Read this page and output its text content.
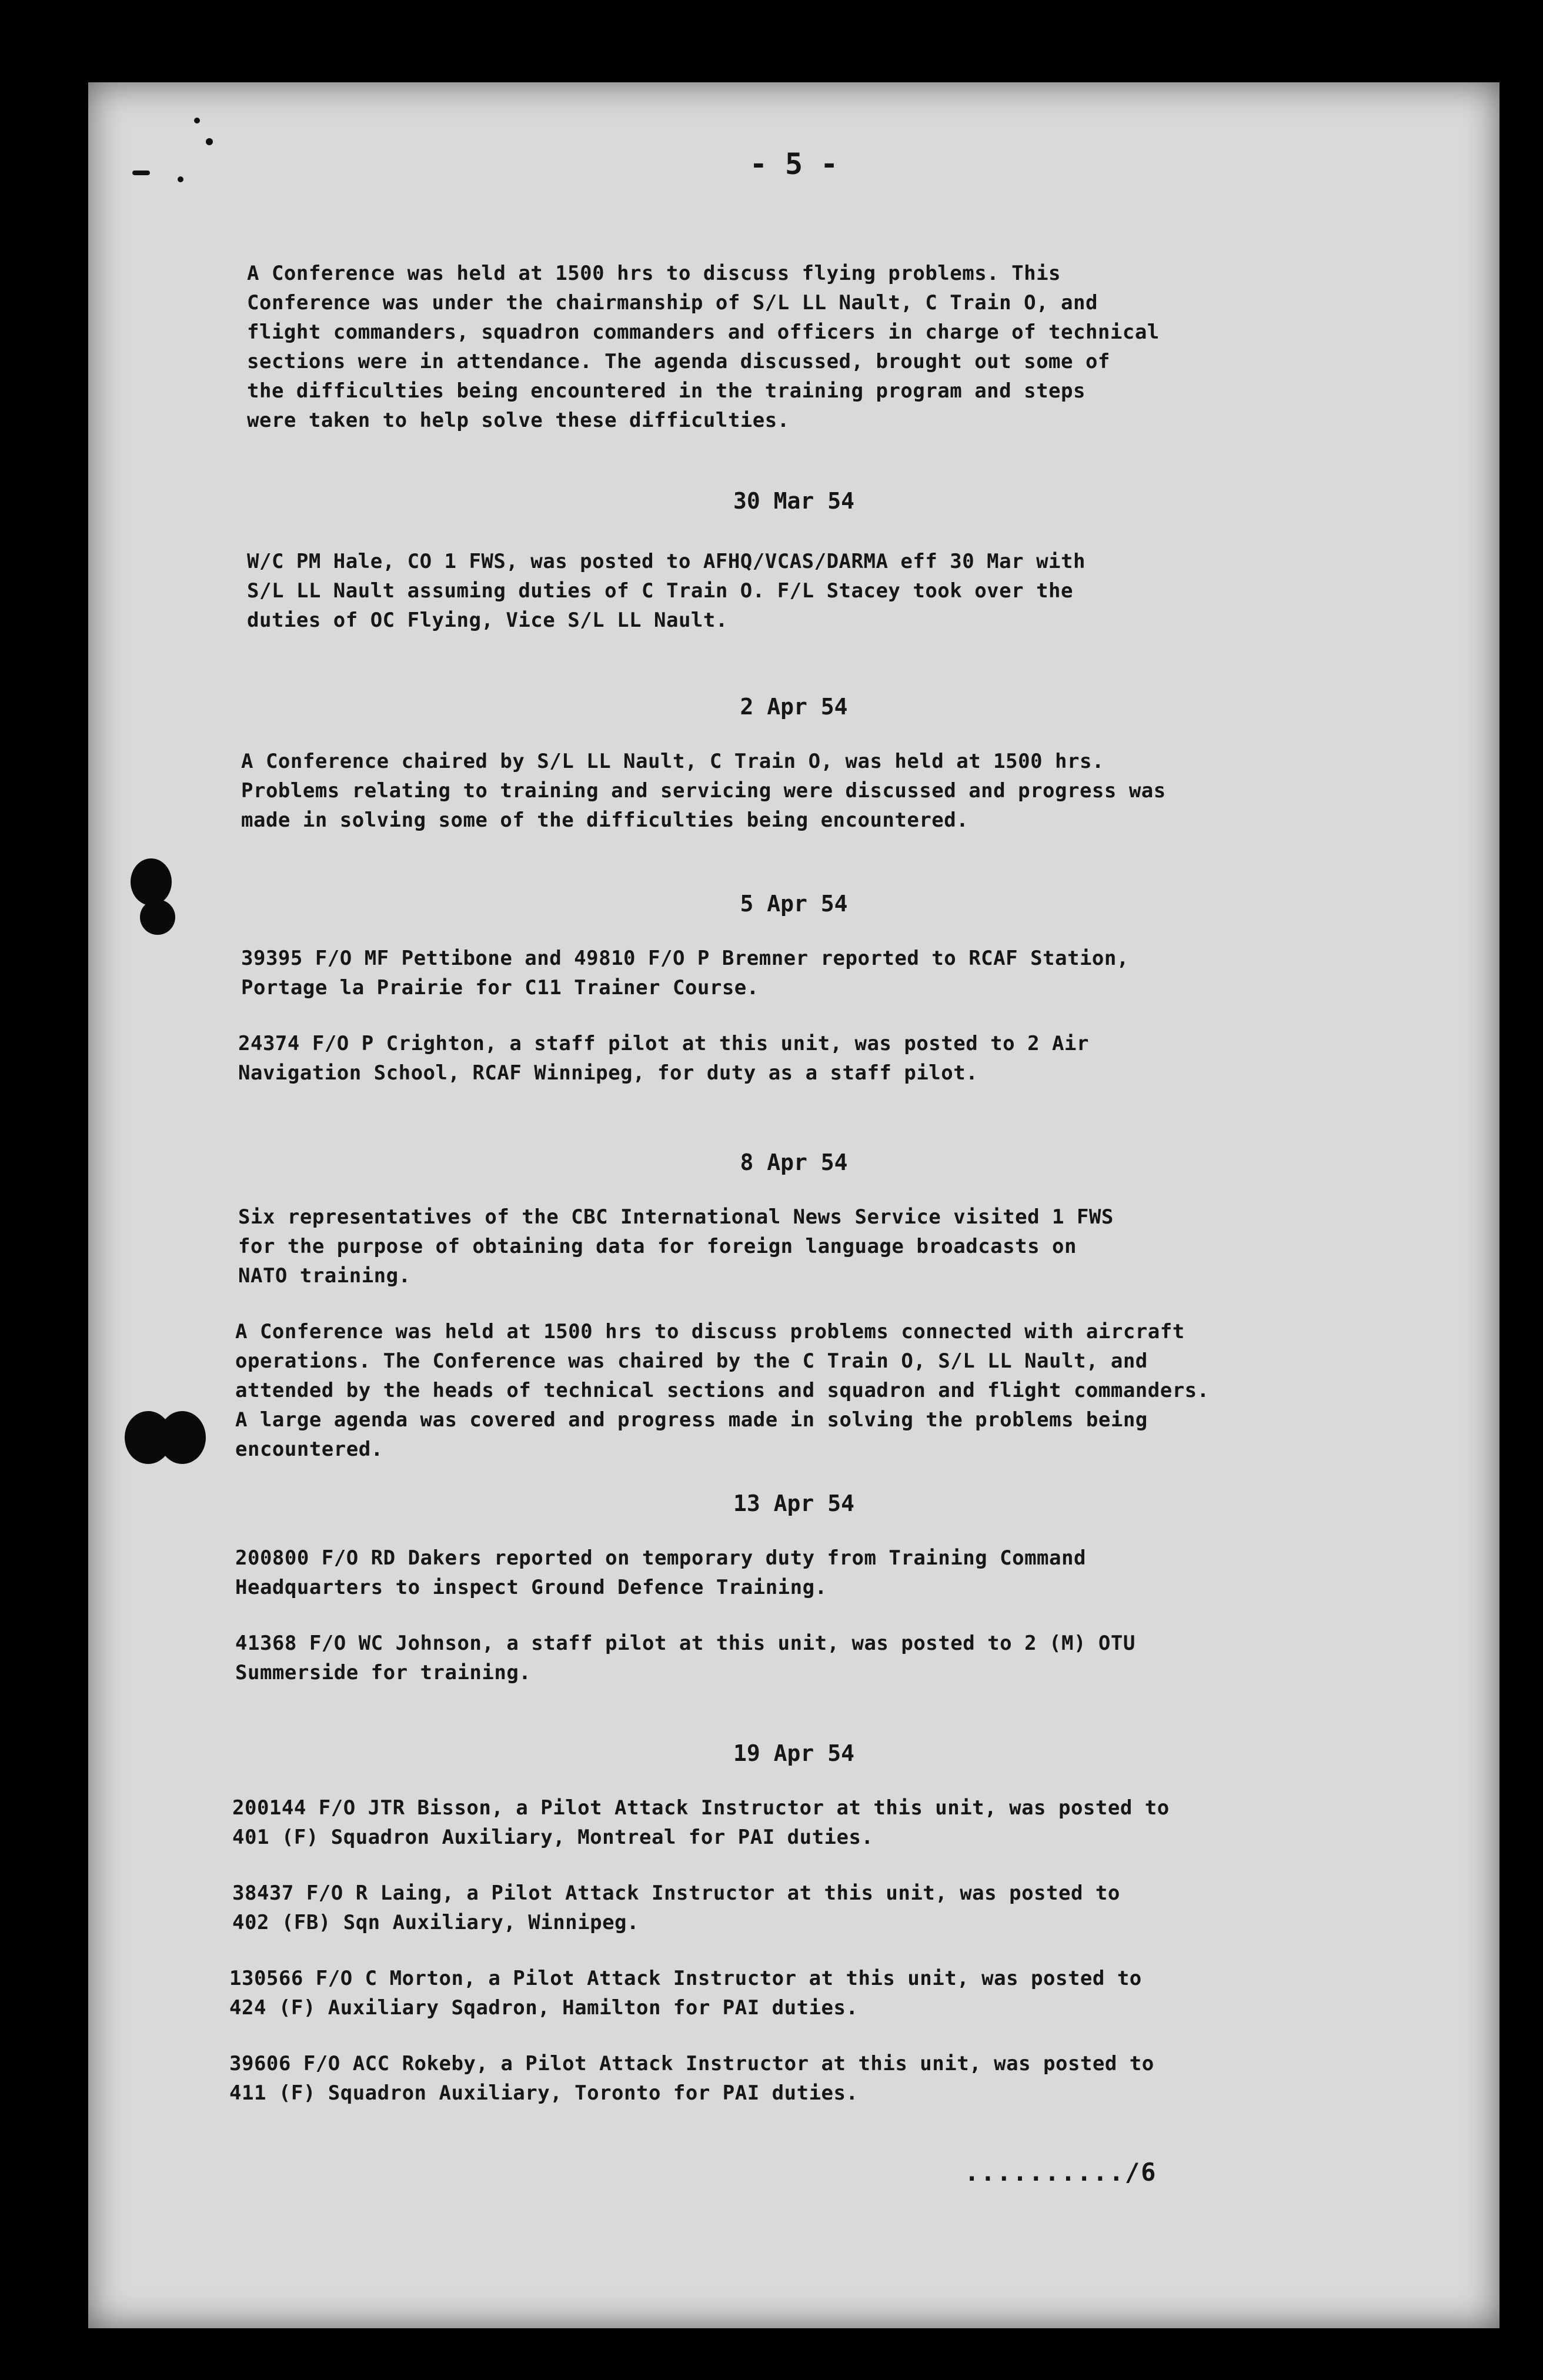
- 5 -
A Conference was held at 1500 hrs to discuss flying problems. This
Conference was under the chairmanship of S/L LL Nault, C Train O, and
flight commanders, squadron commanders and officers in charge of technical
sections were in attendance. The agenda discussed, brought out some of
the difficulties being encountered in the training program and steps
were taken to help solve these difficulties.
30 Mar 54
W/C PM Hale, CO 1 FWS, was posted to AFHQ/VCAS/DARMA eff 30 Mar with
S/L LL Nault assuming duties of C Train O. F/L Stacey took over the
duties of OC Flying, Vice S/L LL Nault.
2 Apr 54
A Conference chaired by S/L LL Nault, C Train O, was held at 1500 hrs.
Problems relating to training and servicing were discussed and progress was
made in solving some of the difficulties being encountered.
5 Apr 54
39395 F/O MF Pettibone and 49810 F/O P Bremner reported to RCAF Station,
Portage la Prairie for C11 Trainer Course.
24374 F/O P Crighton, a staff pilot at this unit, was posted to 2 Air
Navigation School, RCAF Winnipeg, for duty as a staff pilot.
8 Apr 54
Six representatives of the CBC International News Service visited 1 FWS
for the purpose of obtaining data for foreign language broadcasts on
NATO training.
A Conference was held at 1500 hrs to discuss problems connected with aircraft
operations. The Conference was chaired by the C Train O, S/L LL Nault, and
attended by the heads of technical sections and squadron and flight commanders.
A large agenda was covered and progress made in solving the problems being
encountered.
13 Apr 54
200800 F/O RD Dakers reported on temporary duty from Training Command
Headquarters to inspect Ground Defence Training.
41368 F/O WC Johnson, a staff pilot at this unit, was posted to 2 (M) OTU
Summerside for training.
19 Apr 54
200144 F/O JTR Bisson, a Pilot Attack Instructor at this unit, was posted to
401 (F) Squadron Auxiliary, Montreal for PAI duties.
38437 F/O R Laing, a Pilot Attack Instructor at this unit, was posted to
402 (FB) Sqn Auxiliary, Winnipeg.
130566 F/O C Morton, a Pilot Attack Instructor at this unit, was posted to
424 (F) Auxiliary Sqadron, Hamilton for PAI duties.
39606 F/O ACC Rokeby, a Pilot Attack Instructor at this unit, was posted to
411 (F) Squadron Auxiliary, Toronto for PAI duties.
........../6
